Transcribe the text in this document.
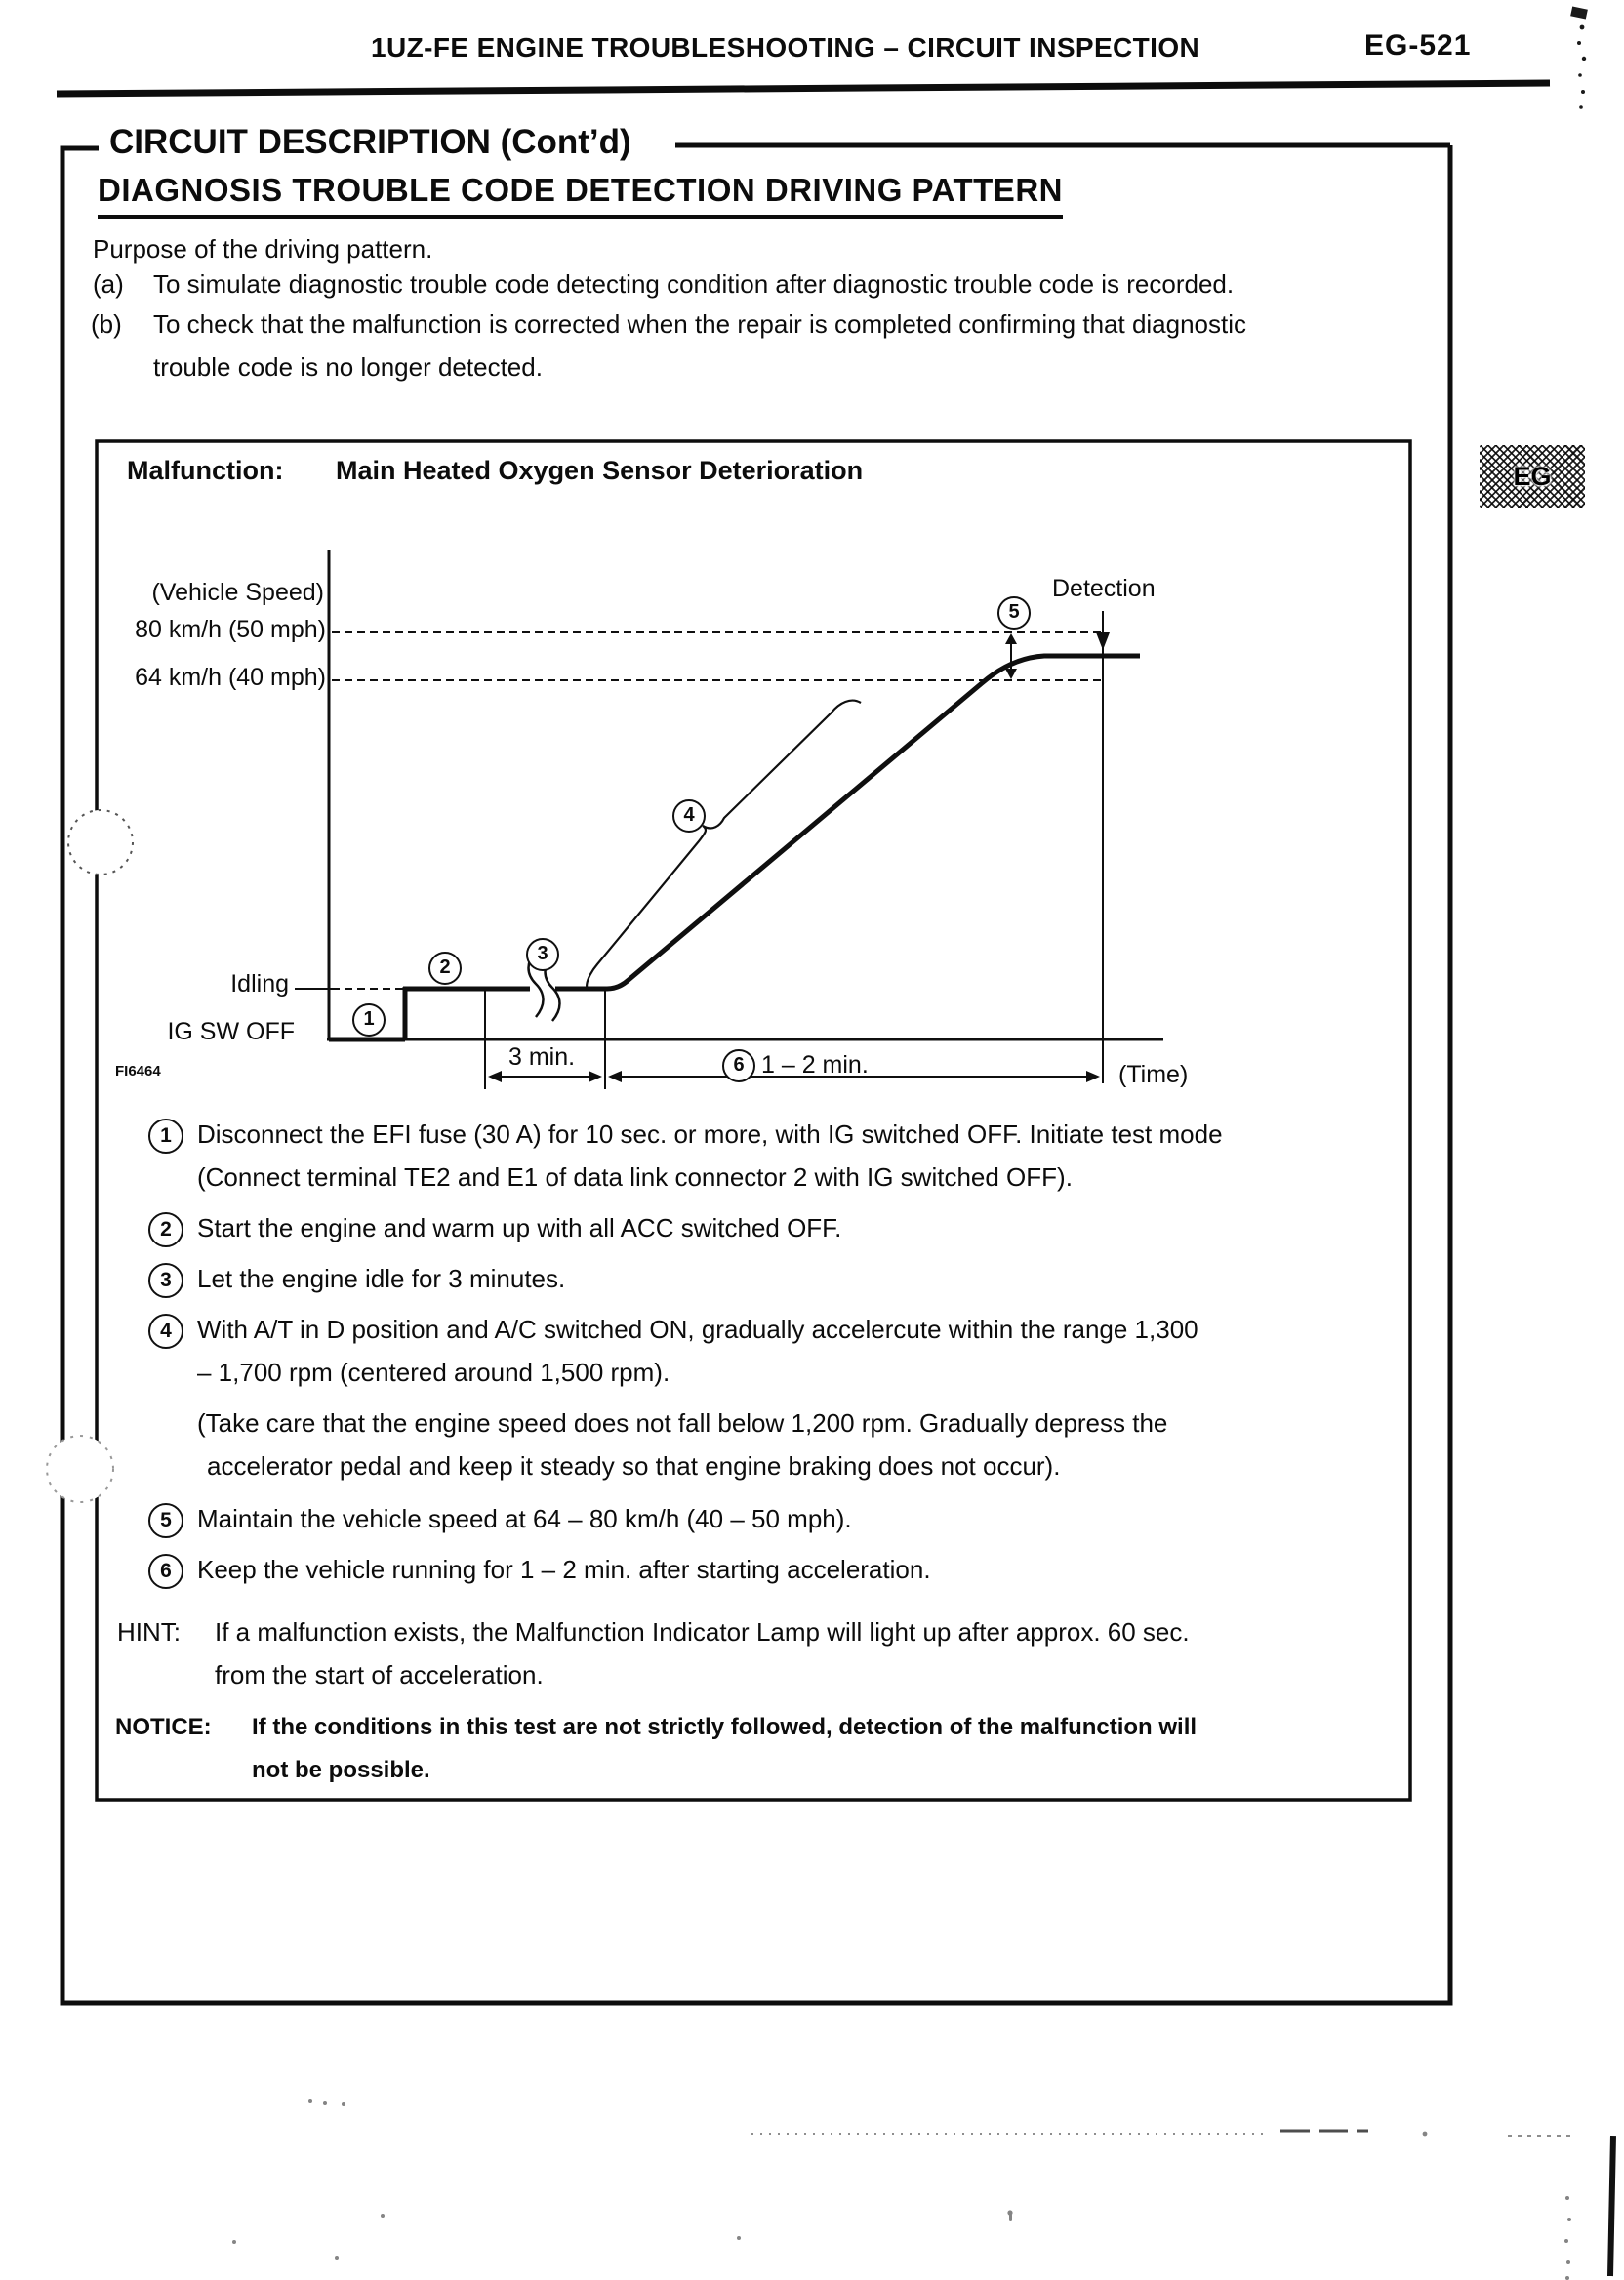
1UZ-FE ENGINE TROUBLESHOOTING – CIRCUIT INSPECTION	EG-521
CIRCUIT DESCRIPTION (Cont’d)
DIAGNOSIS TROUBLE CODE DETECTION DRIVING PATTERN
Purpose of the driving pattern.
(a) To simulate diagnostic trouble code detecting condition after diagnostic trouble code is recorded.
(b) To check that the malfunction is corrected when the repair is completed confirming that diagnostic
trouble code is no longer detected.
EG
Malfunction: Main Heated Oxygen Sensor Deterioration
(Vehicle Speed)
80 km/h (50 mph)
64 km/h (40 mph)
Detection
Idling
IG SW OFF
3 min.	1 – 2 min.	(Time)
FI6464
1
2
3
4
5
6
1	Disconnect the EFI fuse (30 A) for 10 sec. or more, with IG switched OFF. Initiate test mode
(Connect terminal TE2 and E1 of data link connector 2 with IG switched OFF).
2	Start the engine and warm up with all ACC switched OFF.
3	Let the engine idle for 3 minutes.
4	With A/T in D position and A/C switched ON, gradually accelercute within the range 1,300
– 1,700 rpm (centered around 1,500 rpm).
(Take care that the engine speed does not fall below 1,200 rpm. Gradually depress the
accelerator pedal and keep it steady so that engine braking does not occur).
5	Maintain the vehicle speed at 64 – 80 km/h (40 – 50 mph).
6	Keep the vehicle running for 1 – 2 min. after starting acceleration.
HINT: If a malfunction exists, the Malfunction Indicator Lamp will light up after approx. 60 sec.
from the start of acceleration.
NOTICE: If the conditions in this test are not strictly followed, detection of the malfunction will
not be possible.
